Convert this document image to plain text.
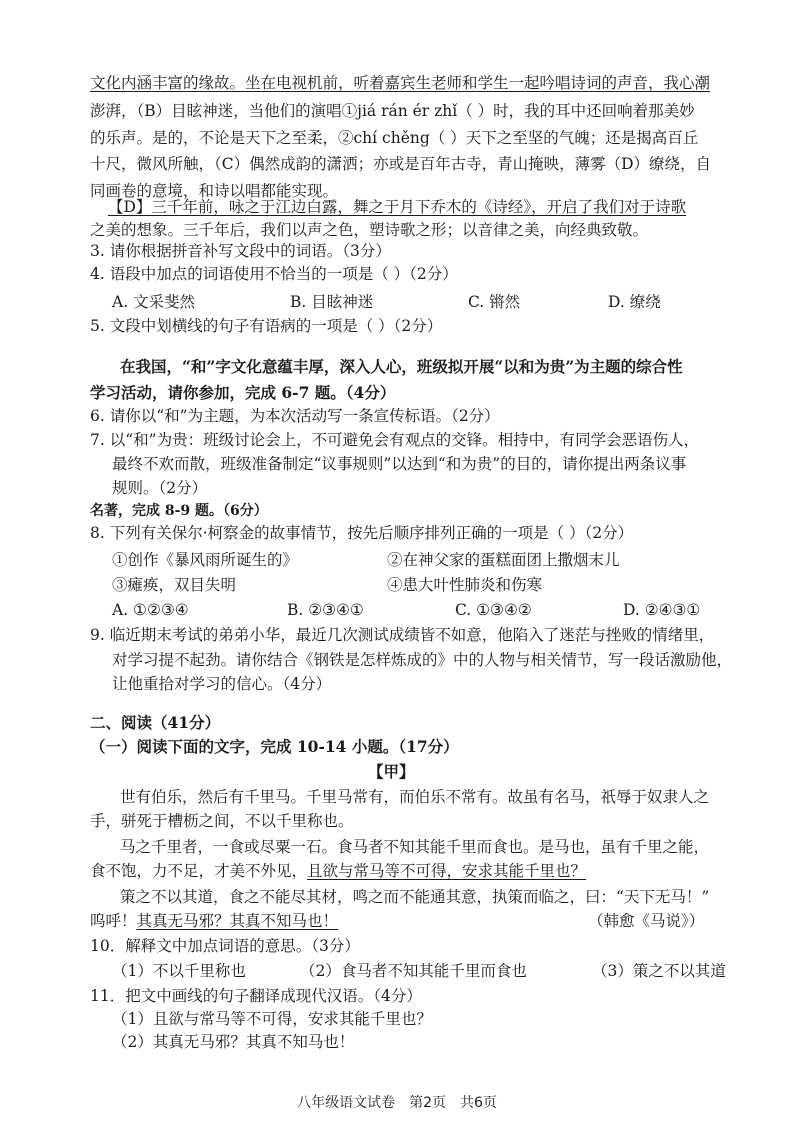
文化内涵丰富的缘故。坐在电视机前，听着嘉宾生老师和学生一起吟唱诗词的声音，我心潮
澎湃，（B）目眩神迷，当他们的演唱①jiá rán ér zhǐ（ ）时，我的耳中还回响着那美妙
的乐声。是的，不论是天下之至柔，②chí chěng（ ）天下之至坚的气魄；还是揭高百丘
十尺，微风所触，（C）偶然成韵的潇洒；亦或是百年古寺，青山掩映，薄雾（D）缭绕，自
同画卷的意境，和诗以唱都能实现。
【D】三千年前，咏之于江边白露，舞之于月下乔木的《诗经》，开启了我们对于诗歌
之美的想象。三千年后，我们以声之色，塑诗歌之形；以音律之美，向经典致敬。
3. 请你根据拼音补写文段中的词语。（3分）
4. 语段中加点的词语使用不恰当的一项是（ ）（2分）
A. 文采斐然	B. 目眩神迷	C. 锵然	D. 缭绕
5. 文段中划横线的句子有语病的一项是（ ）（2分）
在我国，“和”字文化意蕴丰厚，深入人心，班级拟开展“以和为贵”为主题的综合性
学习活动，请你参加，完成 6-7 题。（4分）
6. 请你以“和”为主题，为本次活动写一条宣传标语。（2分）
7. 以“和”为贵：班级讨论会上，不可避免会有观点的交锋。相持中，有同学会恶语伤人，
最终不欢而散，班级准备制定“议事规则”以达到“和为贵”的目的，请你提出两条议事
规则。（2分）
名著，完成 8-9 题。（6分）
8. 下列有关保尔·柯察金的故事情节，按先后顺序排列正确的一项是（ ）（2分）
①创作《暴风雨所诞生的》	②在神父家的蛋糕面团上撒烟末儿
③瘫痪，双目失明	④患大叶性肺炎和伤寒
A. ①②③④	B. ②③④①	C. ①③④②	D. ②④③①
9. 临近期末考试的弟弟小华，最近几次测试成绩皆不如意，他陷入了迷茫与挫败的情绪里，
对学习提不起劲。请你结合《钢铁是怎样炼成的》中的人物与相关情节，写一段话激励他，
让他重拾对学习的信心。（4分）
二、阅读（41分）
（一）阅读下面的文字，完成 10-14 小题。（17分）
【甲】
世有伯乐，然后有千里马。千里马常有，而伯乐不常有。故虽有名马，祇辱于奴隶人之
手，骈死于槽枥之间，不以千里称也。
马之千里者，一食或尽粟一石。食马者不知其能千里而食也。是马也，虽有千里之能，
食不饱，力不足，才美不外见，且欲与常马等不可得，安求其能千里也？
策之不以其道，食之不能尽其材，鸣之而不能通其意，执策而临之，曰：“天下无马！”
呜呼！其真无马邪？其真不知马也！	（韩愈《马说》）
10．解释文中加点词语的意思。（3分）
（1）不以千里称也	（2）食马者不知其能千里而食也	（3）策之不以其道
11．把文中画线的句子翻译成现代汉语。（4分）
（1）且欲与常马等不可得，安求其能千里也？
（2）其真无马邪？其真不知马也！
八年级语文试卷　第2页　共6页
